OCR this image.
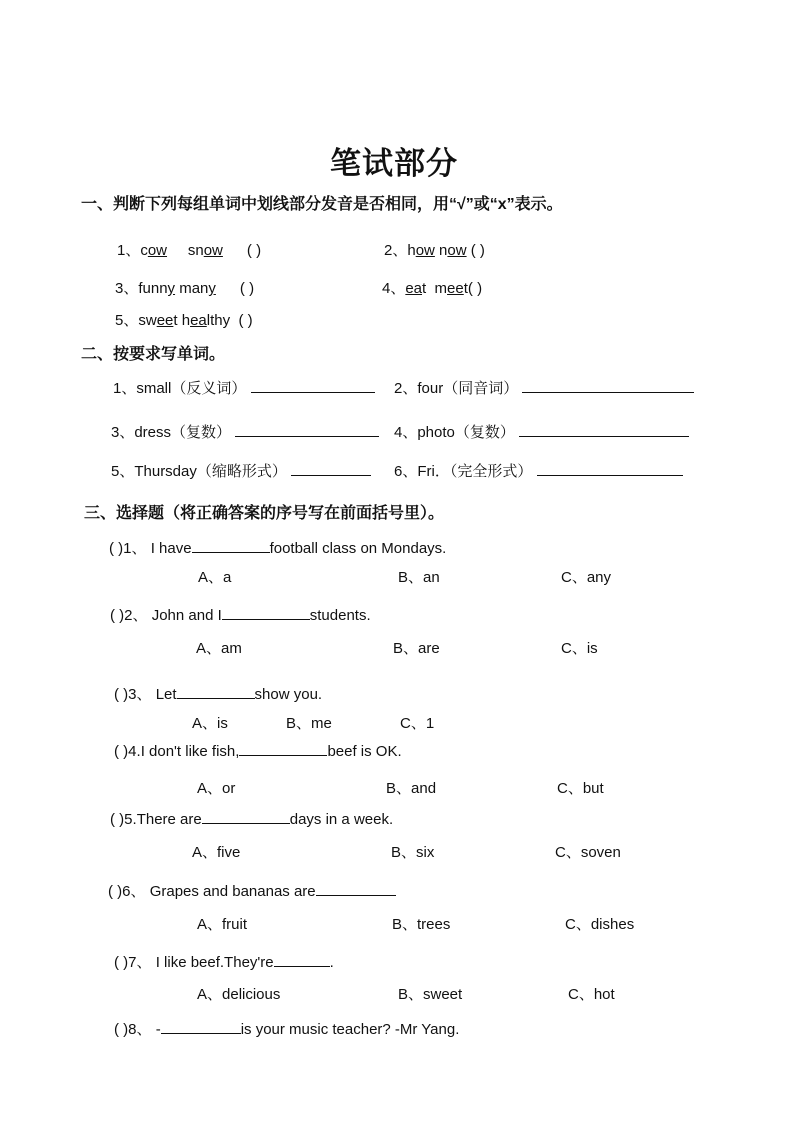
笔试部分
一、判断下列每组单词中划线部分发音是否相同，用“√”或“x”表示。
1、cow snow ( )	2、how now ( )
3、funny many ( )	4、eat meet( )
5、sweet healthy ( )
二、按要求写单词。
1、small（反义词）	2、four（同音词）
3、dress（复数）	4、photo（复数）
5、Thursday（缩略形式）	6、Fri．（完全形式）
三、选择题（将正确答案的序号写在前面括号里）。
( )1、 I have	football class on Mondays.
A、a	B、an	C、any
( )2、 John and I	students.
A、am	B、are	C、is
( )3、 Let	show you.
A、is	B、me	C、1
( )4.I don't like fish,	beef is OK.
A、or	B、and	C、but
( )5.There are	days in a week.
A、five	B、six	C、soven
( )6、 Grapes and bananas are
A、fruit	B、trees	C、dishes
( )7、 I like beef.They're	.
A、delicious	B、sweet	C、hot
( )8、 -	is your music teacher? -Mr Yang.
